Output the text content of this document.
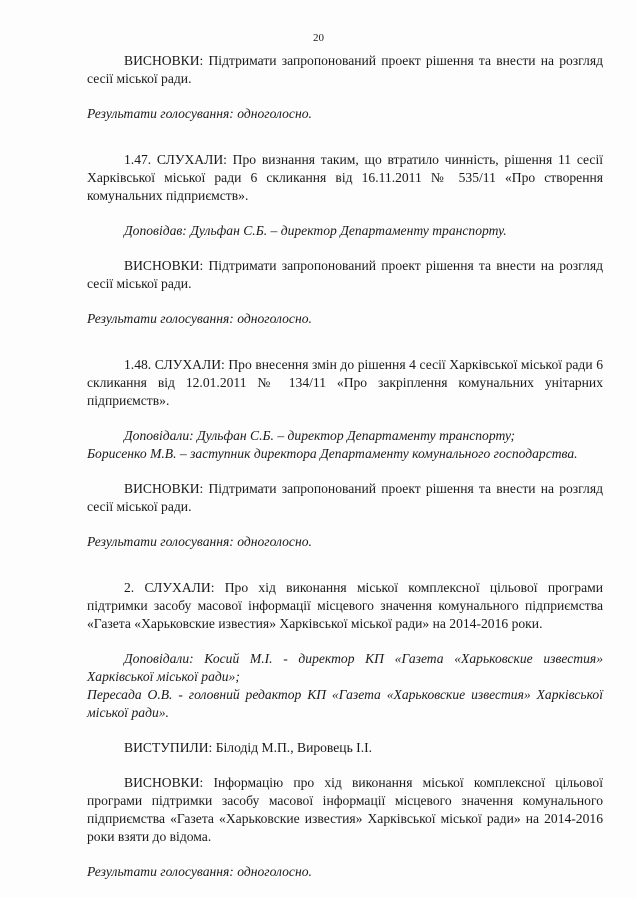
20

ВИСНОВКИ: Підтримати запропонований проект рішення та внести на розгляд сесії міської ради.

Результати голосування: одноголосно.

1.47. СЛУХАЛИ: Про визнання таким, що втратило чинність, рішення 11 сесії Харківської міської ради 6 скликання від 16.11.2011 № 535/11 «Про створення комунальних підприємств».

Доповідав: Дульфан С.Б. – директор Департаменту транспорту.

ВИСНОВКИ: Підтримати запропонований проект рішення та внести на розгляд сесії міської ради.

Результати голосування: одноголосно.

1.48. СЛУХАЛИ: Про внесення змін до рішення 4 сесії Харківської міської ради 6 скликання від 12.01.2011 № 134/11 «Про закріплення комунальних унітарних підприємств».

Доповідали: Дульфан С.Б. – директор Департаменту транспорту;

Борисенко М.В. – заступник директора Департаменту комунального господарства.

ВИСНОВКИ: Підтримати запропонований проект рішення та внести на розгляд сесії міської ради.

Результати голосування: одноголосно.

2. СЛУХАЛИ: Про хід виконання міської комплексної цільової програми підтримки засобу масової інформації місцевого значення комунального підприємства «Газета «Харьковские известия» Харківської міської ради» на 2014-2016 роки.

Доповідали: Косий М.І. - директор КП «Газета «Харьковские известия» Харківської міської ради»;

Пересада О.В. - головний редактор КП «Газета «Харьковские известия» Харківської міської ради».

ВИСТУПИЛИ: Білодід М.П., Вировець І.І.

ВИСНОВКИ: Інформацію про хід виконання міської комплексної цільової програми підтримки засобу масової інформації місцевого значення комунального підприємства «Газета «Харьковские известия» Харківської міської ради» на 2014-2016 роки взяти до відома.

Результати голосування: одноголосно.
